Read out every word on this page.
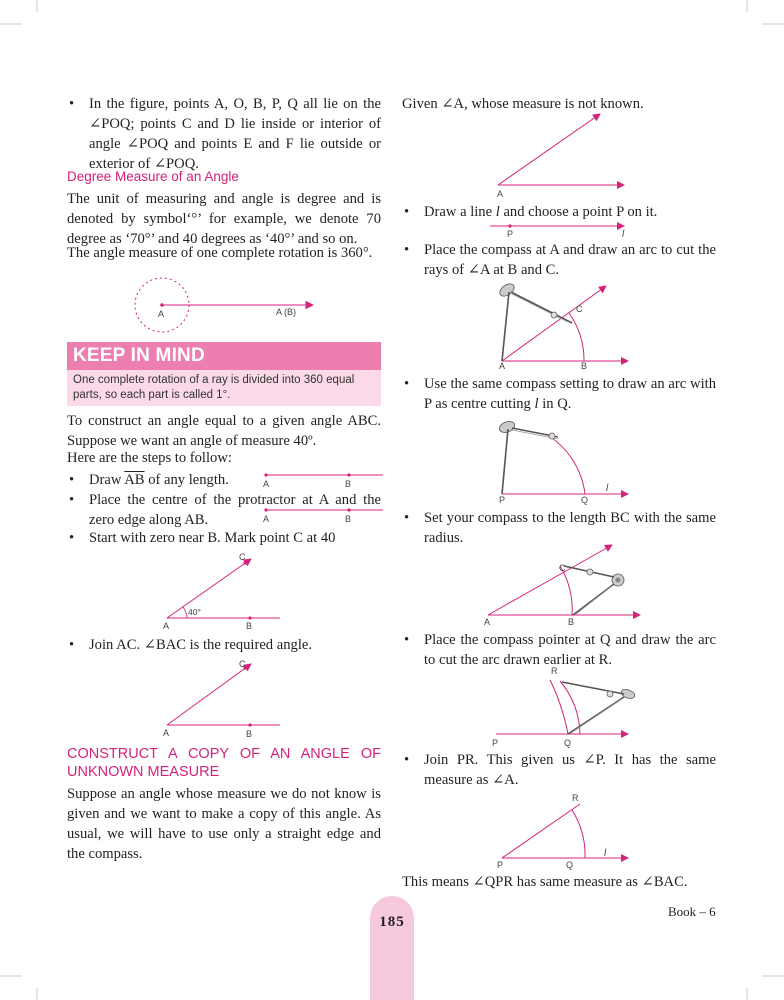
• In the figure, points A, O, B, P, Q all lie on the ∠POQ; points C and D lie inside or interior of angle ∠POQ and points E and F lie outside or exterior of ∠POQ.
Degree Measure of an Angle
The unit of measuring and angle is degree and is denoted by symbol‘°’ for example, we denote 70 degree as ‘70°’ and 40 degrees as ‘40°’ and so on.
The angle measure of one complete rotation is 360°.
A	A (B)
KEEP IN MIND
One complete rotation of a ray is divided into 360 equal parts, so each part is called 1°.
To construct an angle equal to a given angle ABC. Suppose we want an angle of measure 40º.
Here are the steps to follow:
• Draw $\overline{AB}$ of any length.
• Place the centre of the protractor at A and the zero edge along AB.
• Start with zero near B. Mark point C at 40
A	B
A	B
A	B
C
40°
• Join AC. ∠BAC is the required angle.
A	B
C
CONSTRUCT A COPY OF AN ANGLE OF UNKNOWN MEASURE
Suppose an angle whose measure we do not know is given and we want to make a copy of this angle. As usual, we will have to use only a straight edge and the compass.
Given ∠A, whose measure is not known.
A
• Draw a line l and choose a point P on it.
P	l
• Place the compass at A and draw an arc to cut the rays of ∠A at B and C.
A	B
C
• Use the same compass setting to draw an arc with P as centre cutting l in Q.
P	Q
l
• Set your compass to the length BC with the same radius.
A	B
C
• Place the compass pointer at Q and draw the arc to cut the arc drawn earlier at R.
P	Q
R
• Join PR. This given us ∠P. It has the same measure as ∠A.
P	Q
R
l
This means ∠QPR has same measure as ∠BAC.
185
Book – 6
